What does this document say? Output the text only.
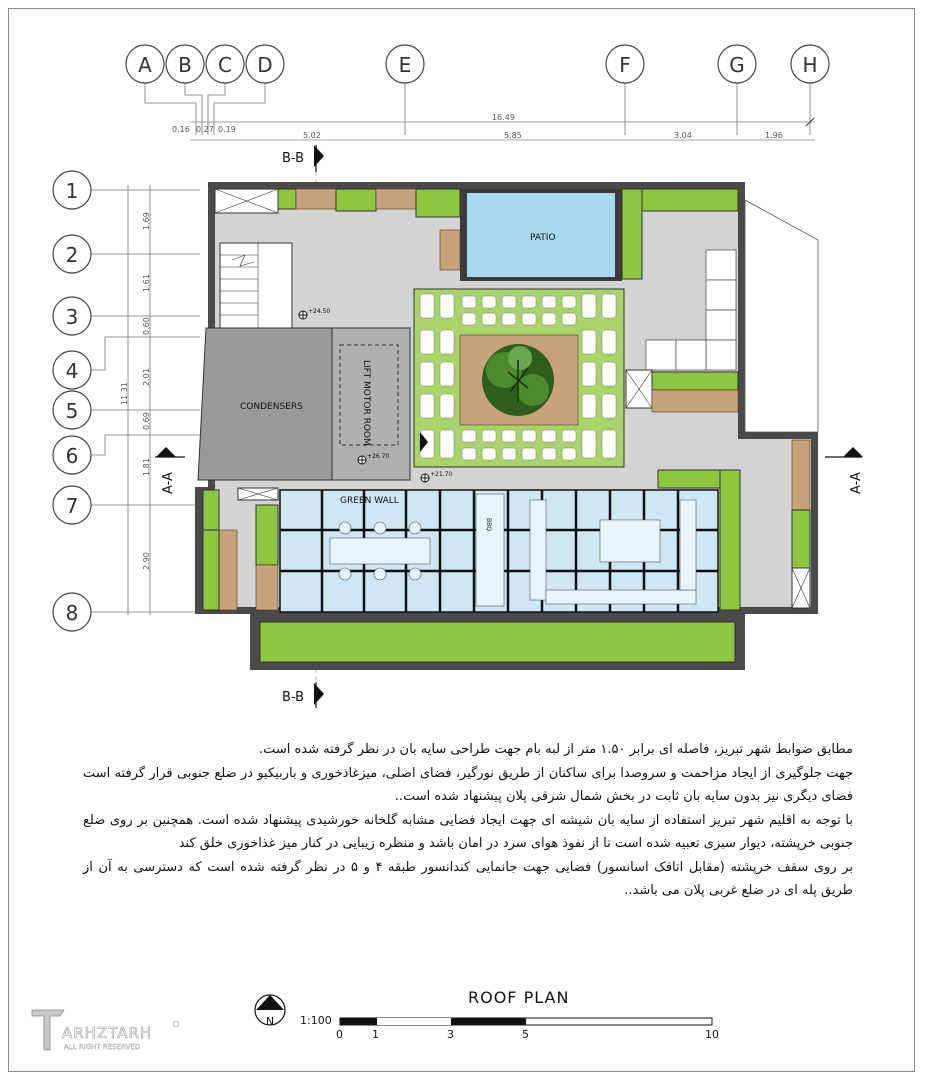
A B C D	E	F	G	H
16.49
0.16 0.27 0.19
5.02	5.85	3.04	1.96
1
2
3
4
5
6
7
8
11.31
1.69
1.61
0.60
2.01
0.69
1.81
2.90
B-B
B-B
A-A	A-A
PATIO
CONDENSERS	LIFT MOTOR ROOM
+24.50
+26.70
+21.70
BBQ
GREEN WALL
N
ROOF PLAN
1:100
0	1	3	5	10

مطابق ضوابط شهر تبریز، فاصله ای برابر ۱.۵۰ متر از لبه بام جهت طراحی سایه بان در نظر گرفته شده است.

جهت جلوگیری از ایجاد مزاحمت و سروصدا برای ساکنان از طریق نورگیر، فضای اصلی، میزغاذخوری و باربیکیو در ضلع جنوبی قرار گرفته است فضای دیگری نیز بدون سایه بان ثابت در بخش شمال شرقی پلان پیشنهاد شده است..

با توجه به اقلیم شهر تبریز استفاده از سایه بان شیشه ای جهت ایجاد فضایی مشابه گلخانه خورشیدی پیشنهاد شده است. همچنین بر روی ضلع جنوبی خرپشته، دیوار سبزی تعبیه شده است تا از نفوذ هوای سرد در امان باشد و منظره زیبایی در کنار میز غذاخوری خلق کند

بر روی سقف خرپشته (مقابل اتاقک اسانسور) فضایی جهت جانمایی کندانسور طبقه ۴ و ۵ در نظر گرفته شده است که دسترسی به آن از طریق پله ای در ضلع غربی پلان می باشد..

ARHZTARH
ALL RIGHT RESERVED
